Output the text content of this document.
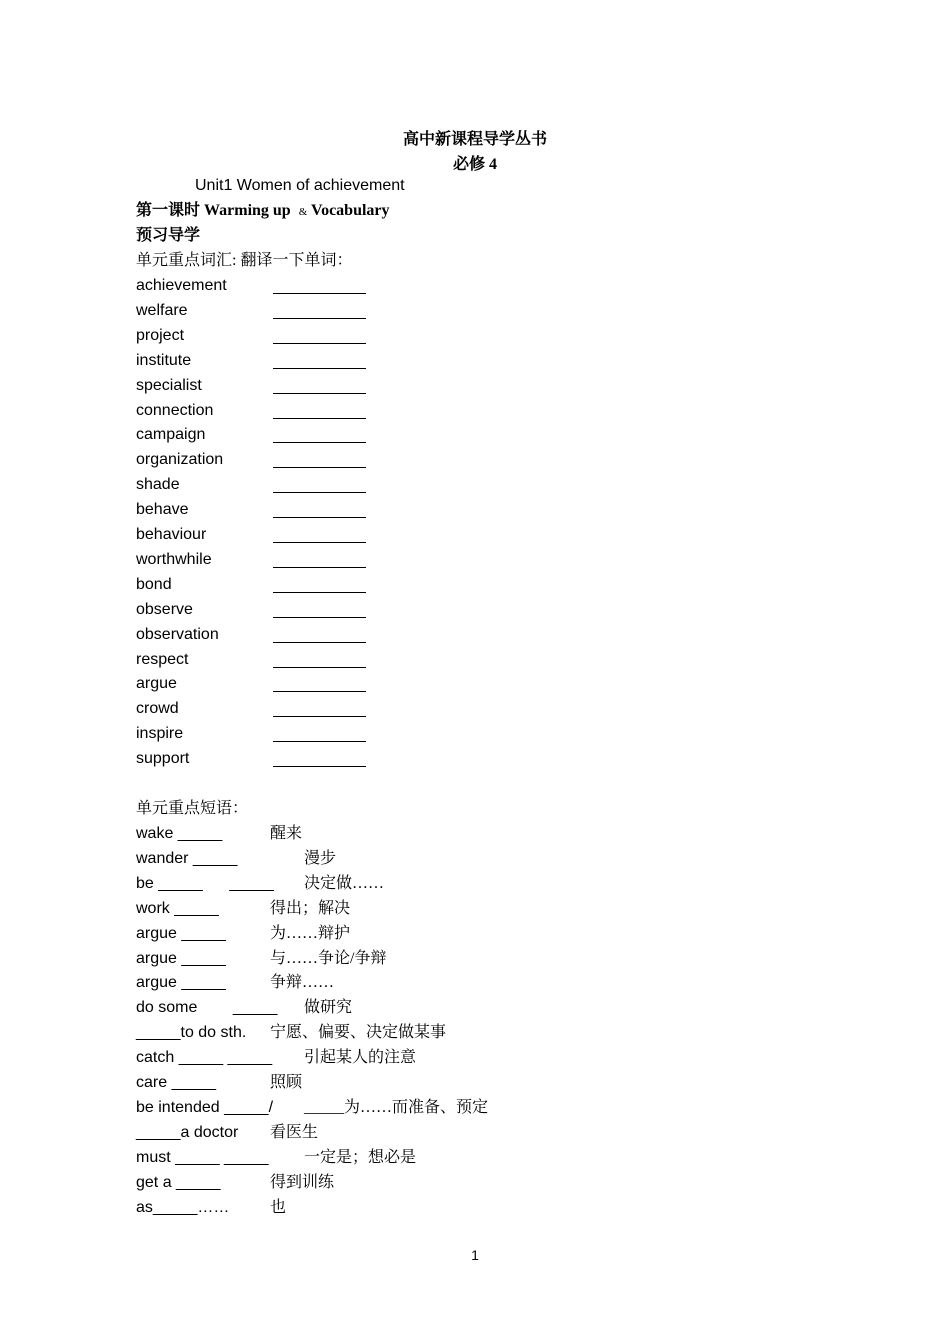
高中新课程导学丛书
必修 4
Unit1 Women of achievement
第一课时 Warming up & Vocabulary
预习导学
单元重点词汇: 翻译一下单词：
achievement
welfare
project
institute
specialist
connection
campaign
organization
shade
behave
behaviour
worthwhile
bond
observe
observation
respect
argue
crowd
inspire
support
单元重点短语：
wake _____	醒来
wander _____	漫步
be _____      _____ 决定做……
work _____	得出；解决
argue _____	为……辩护
argue _____	与……争论/争辩
argue _____	争辩……
do some        _____ 做研究
_____to do sth. 宁愿、偏要、决定做某事
catch _____ _____ 引起某人的注意
care _____	照顾
be intended _____/ _____为……而准备、预定
_____a doctor 看医生
must _____ _____ 一定是；想必是
get a _____	得到训练
as_____……	也
1
